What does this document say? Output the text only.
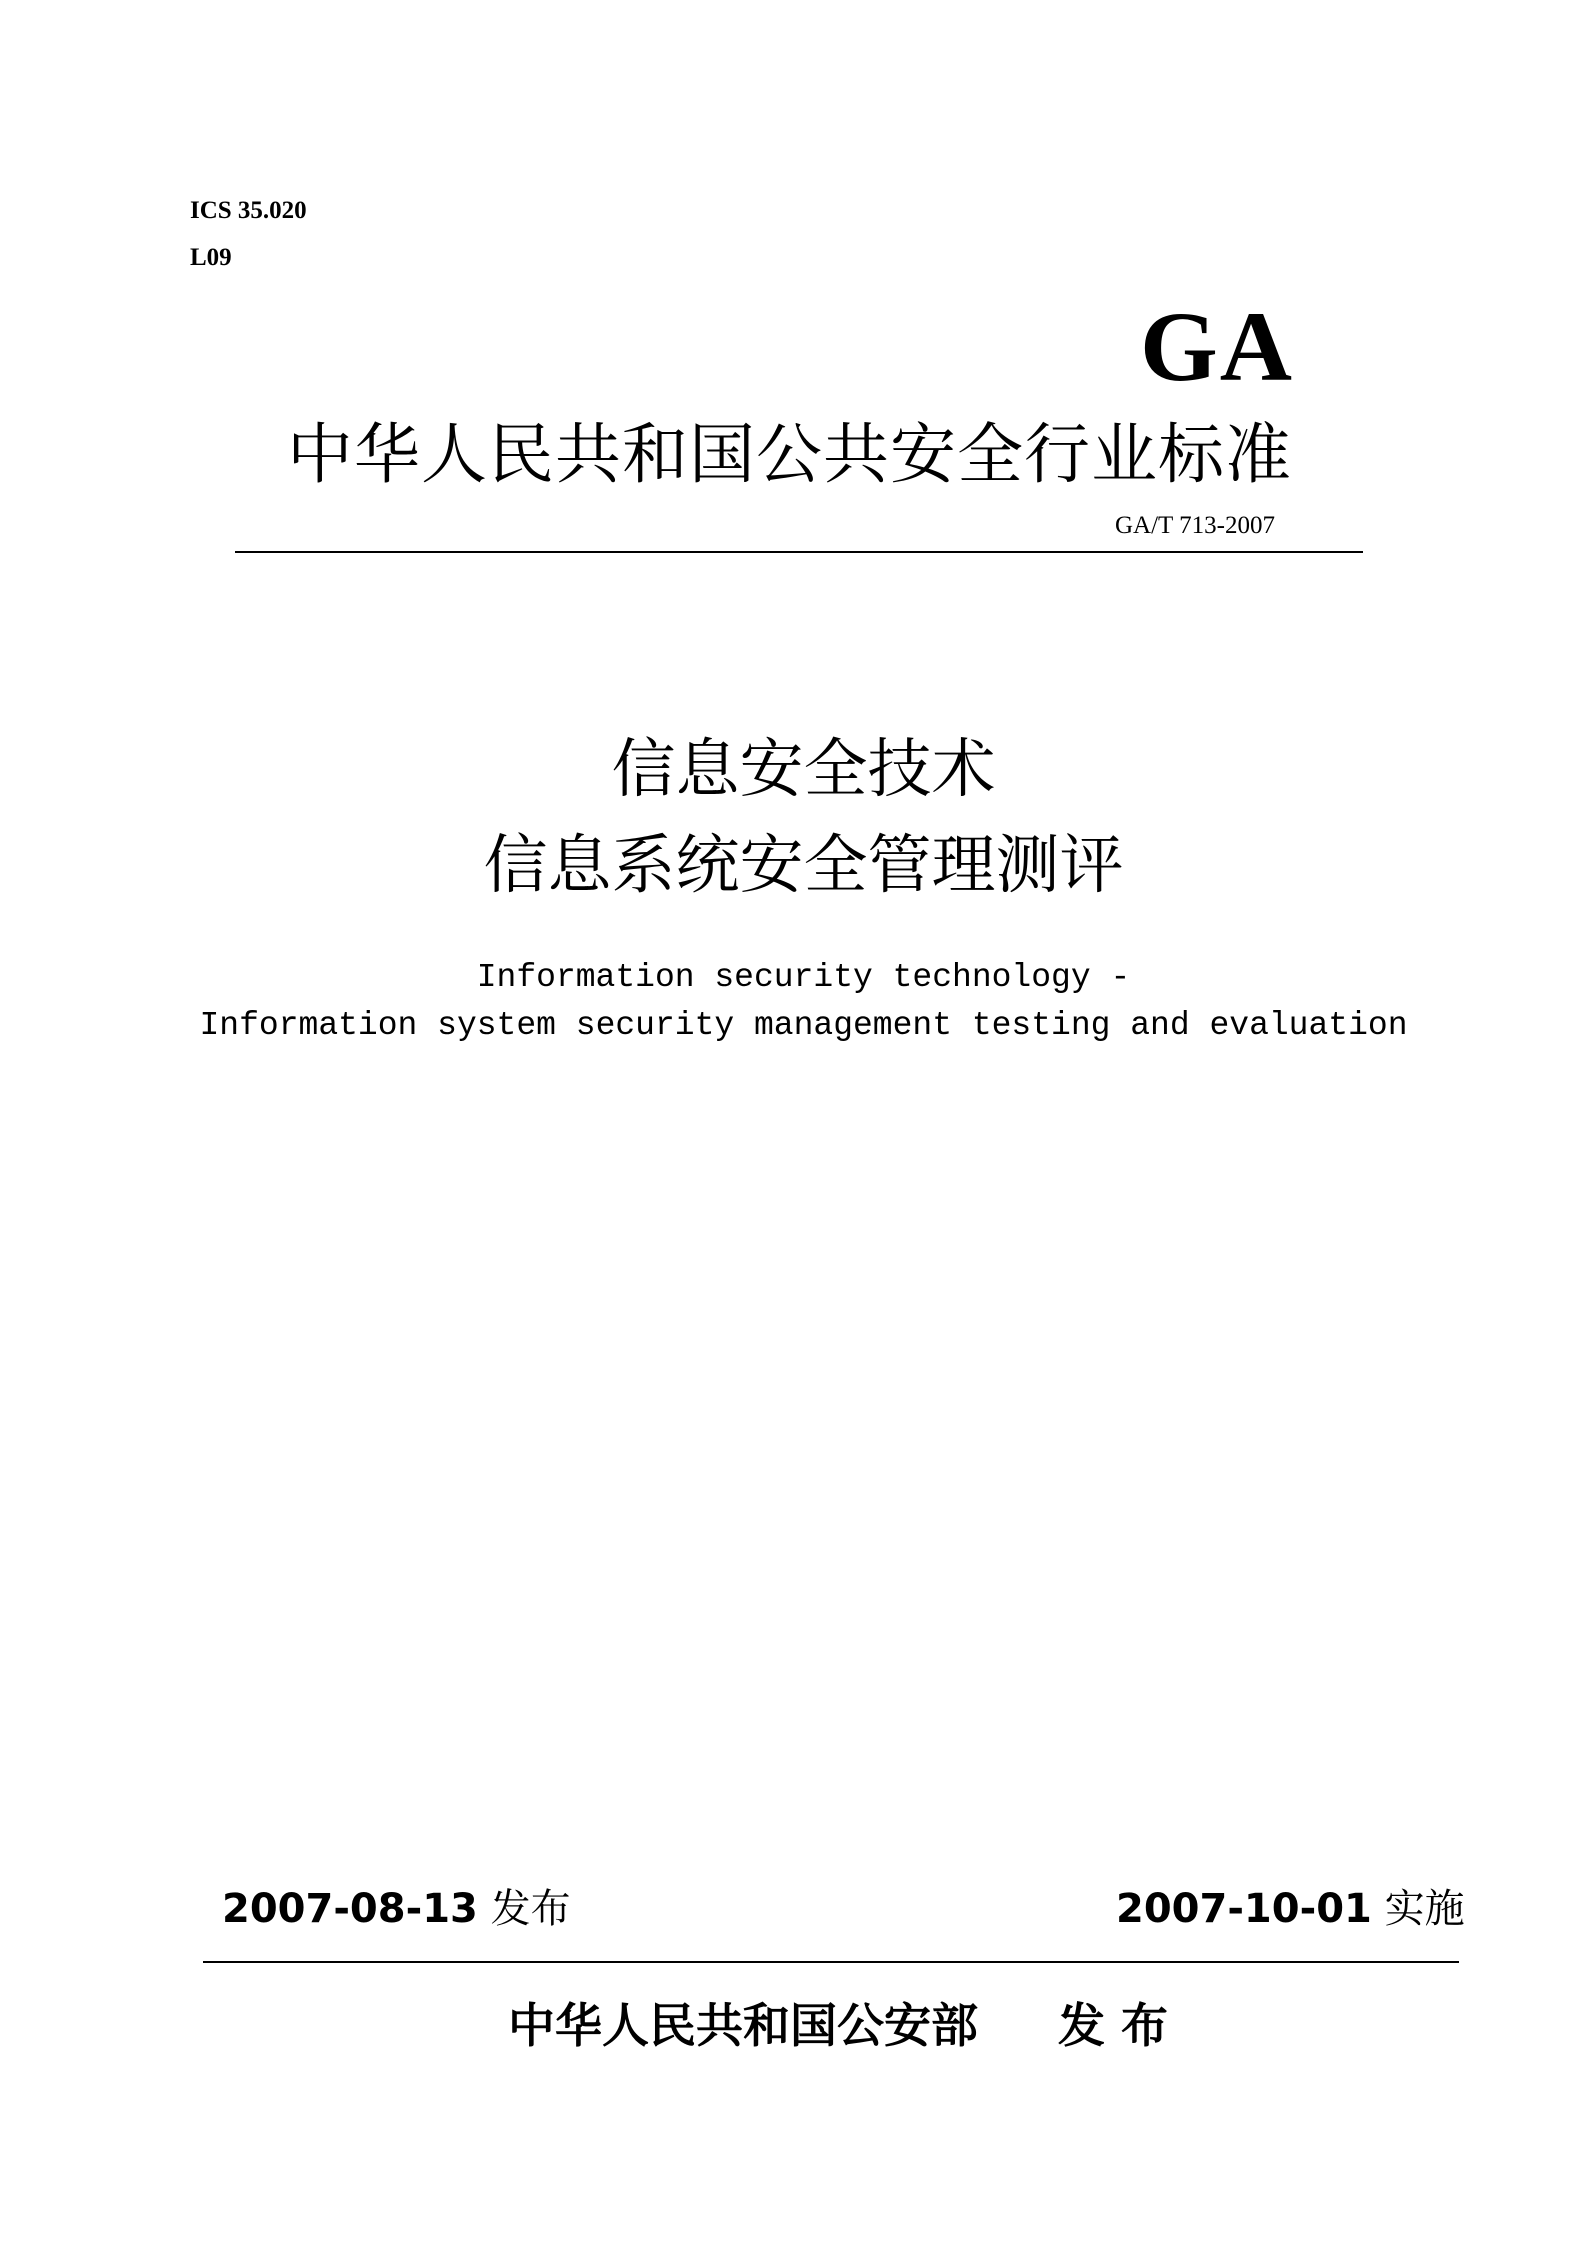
ICS 35.020
L09
GA
中华人民共和国公共安全行业标准
GA/T 713-2007
信息安全技术
信息系统安全管理测评
Information security technology -
Information system security management testing and evaluation
2007-08-13 发布	2007-10-01 实施
中华人民共和国公安部 发布
